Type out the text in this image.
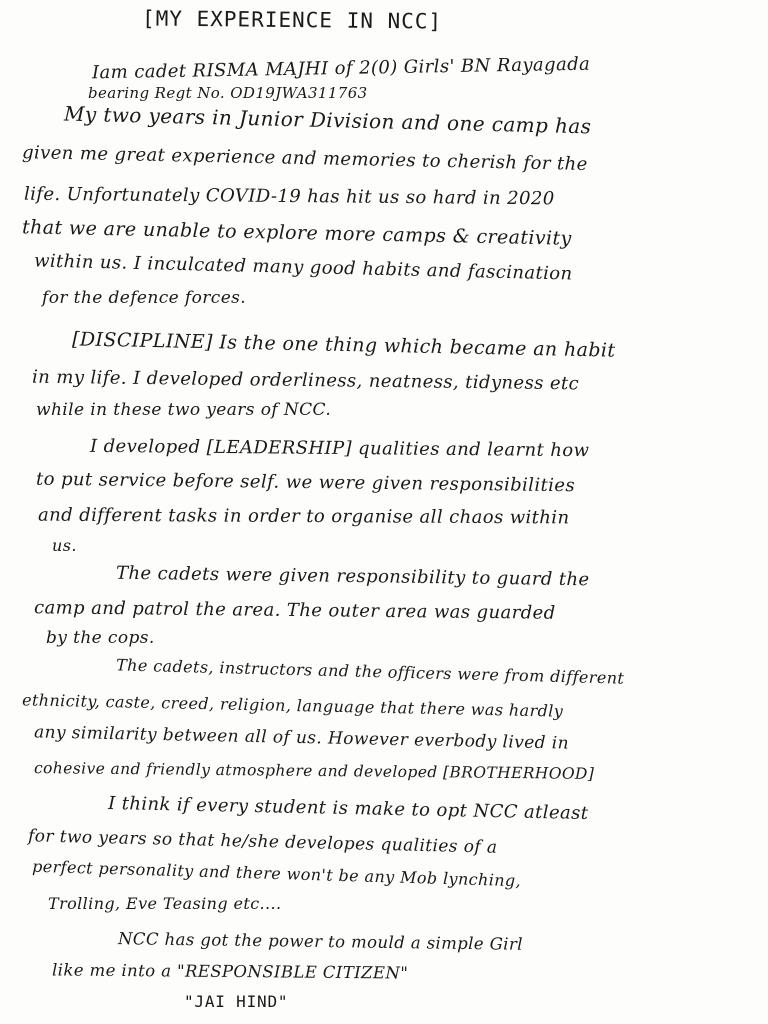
[MY EXPERIENCE IN NCC]
Iam cadet RISMA MAJHI of 2(0) Girls' BN Rayagada
bearing Regt No. OD19JWA311763
My two years in Junior Division and one camp has
given me great experience and memories to cherish for the
life. Unfortunately COVID-19 has hit us so hard in 2020
that we are unable to explore more camps & creativity
within us. I inculcated many good habits and fascination
for the defence forces.
[DISCIPLINE] Is the one thing which became an habit
in my life. I developed orderliness, neatness, tidyness etc
while in these two years of NCC.
I developed [LEADERSHIP] qualities and learnt how
to put service before self. we were given responsibilities
and different tasks in order to organise all chaos within
us.
The cadets were given responsibility to guard the
camp and patrol the area. The outer area was guarded
by the cops.
The cadets, instructors and the officers were from different
ethnicity, caste, creed, religion, language that there was hardly
any similarity between all of us. However everbody lived in
cohesive and friendly atmosphere and developed [BROTHERHOOD]
I think if every student is make to opt NCC atleast
for two years so that he/she developes qualities of a
perfect personality and there won't be any Mob lynching,
Trolling, Eve Teasing etc....
NCC has got the power to mould a simple Girl
like me into a "RESPONSIBLE CITIZEN"
"JAI HIND"
